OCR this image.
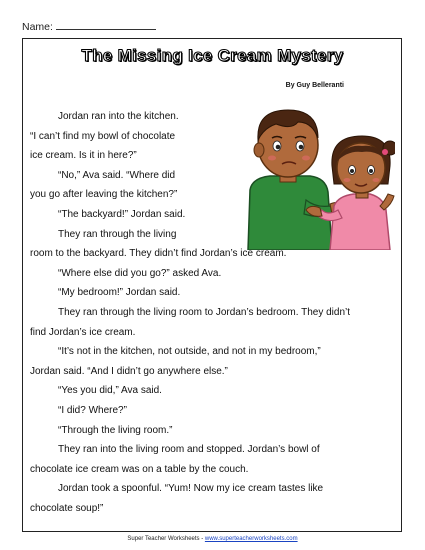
Name:
The Missing Ice Cream Mystery
By Guy Belleranti
Jordan ran into the kitchen.
“I can’t find my bowl of chocolate
ice cream. Is it in here?”
“No,” Ava said. “Where did
you go after leaving the kitchen?”
“The backyard!” Jordan said.
They ran through the living
room to the backyard. They didn’t find Jordan’s ice cream.
“Where else did you go?” asked Ava.
“My bedroom!” Jordan said.
They ran through the living room to Jordan’s bedroom. They didn’t
find Jordan’s ice cream.
“It’s not in the kitchen, not outside, and not in my bedroom,”
Jordan said. “And I didn’t go anywhere else.”
“Yes you did,” Ava said.
“I did? Where?”
“Through the living room.”
They ran into the living room and stopped. Jordan’s bowl of
chocolate ice cream was on a table by the couch.
Jordan took a spoonful. “Yum! Now my ice cream tastes like
chocolate soup!”
Super Teacher Worksheets - www.superteacherworksheets.com
